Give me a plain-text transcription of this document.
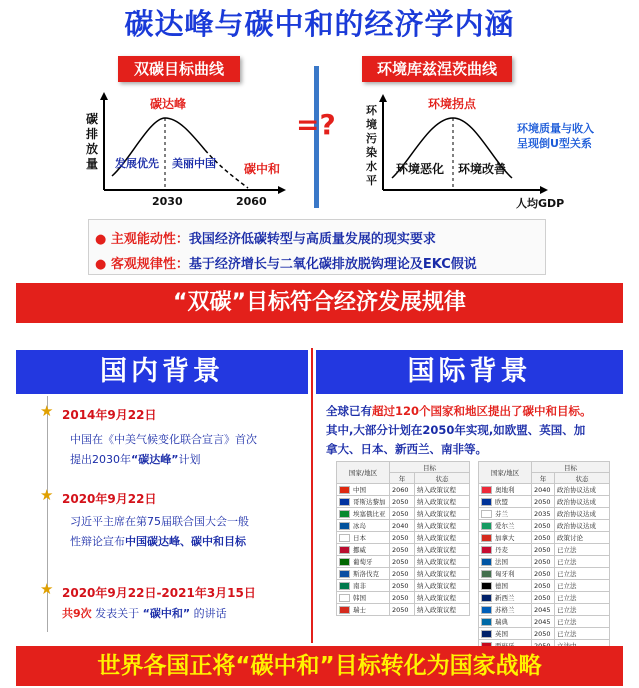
碳达峰与碳中和的经济学内涵
双碳目标曲线
碳排放量
碳达峰
发展优先 美丽中国 碳中和
2030	2060
=?
环境库兹涅茨曲线
环境污染水平
环境拐点
环境恶化 环境改善
人均GDP
环境质量与收入
呈现倒U型关系
● 主观能动性：我国经济低碳转型与高质量发展的现实要求
● 客观规律性：基于经济增长与二氧化碳排放脱钩理论及EKC假说
“双碳”目标符合经济发展规律
国内背景
★ 2014年9月22日
中国在《中美气候变化联合宣言》首次
提出2030年“碳达峰”计划
★ 2020年9月22日
习近平主席在第75届联合国大会一般
性辩论宣布中国碳达峰、碳中和目标
★ 2020年9月22日-2021年3月15日
共9次 发表关于 “碳中和” 的讲话
国际背景
全球已有超过120个国家和地区提出了碳中和目标。
其中,大部分计划在2050年实现,如欧盟、英国、加
拿大、日本、新西兰、南非等。
国家/地区	目标	
	年	状态
中国	2060	纳入政策议程
哥斯达黎加	2050	纳入政策议程
埃塞俄比亚	2050	纳入政策议程
冰岛	2040	纳入政策议程
日本	2050	纳入政策议程
挪威	2050	纳入政策议程
葡萄牙	2050	纳入政策议程
斯洛伐克	2050	纳入政策议程
南非	2050	纳入政策议程
韩国	2050	纳入政策议程
瑞士	2050	纳入政策议程
国家/地区	目标	
	年	状态
奥地利	2040	政治协议达成
欧盟	2050	政治协议达成
芬兰	2035	政治协议达成
爱尔兰	2050	政治协议达成
加拿大	2050	政策讨论
丹麦	2050	已立法
法国	2050	已立法
匈牙利	2050	已立法
德国	2050	已立法
新西兰	2050	已立法
苏格兰	2045	已立法
瑞典	2045	已立法
英国	2050	已立法

世界各国正将“碳中和”目标转化为国家战略
